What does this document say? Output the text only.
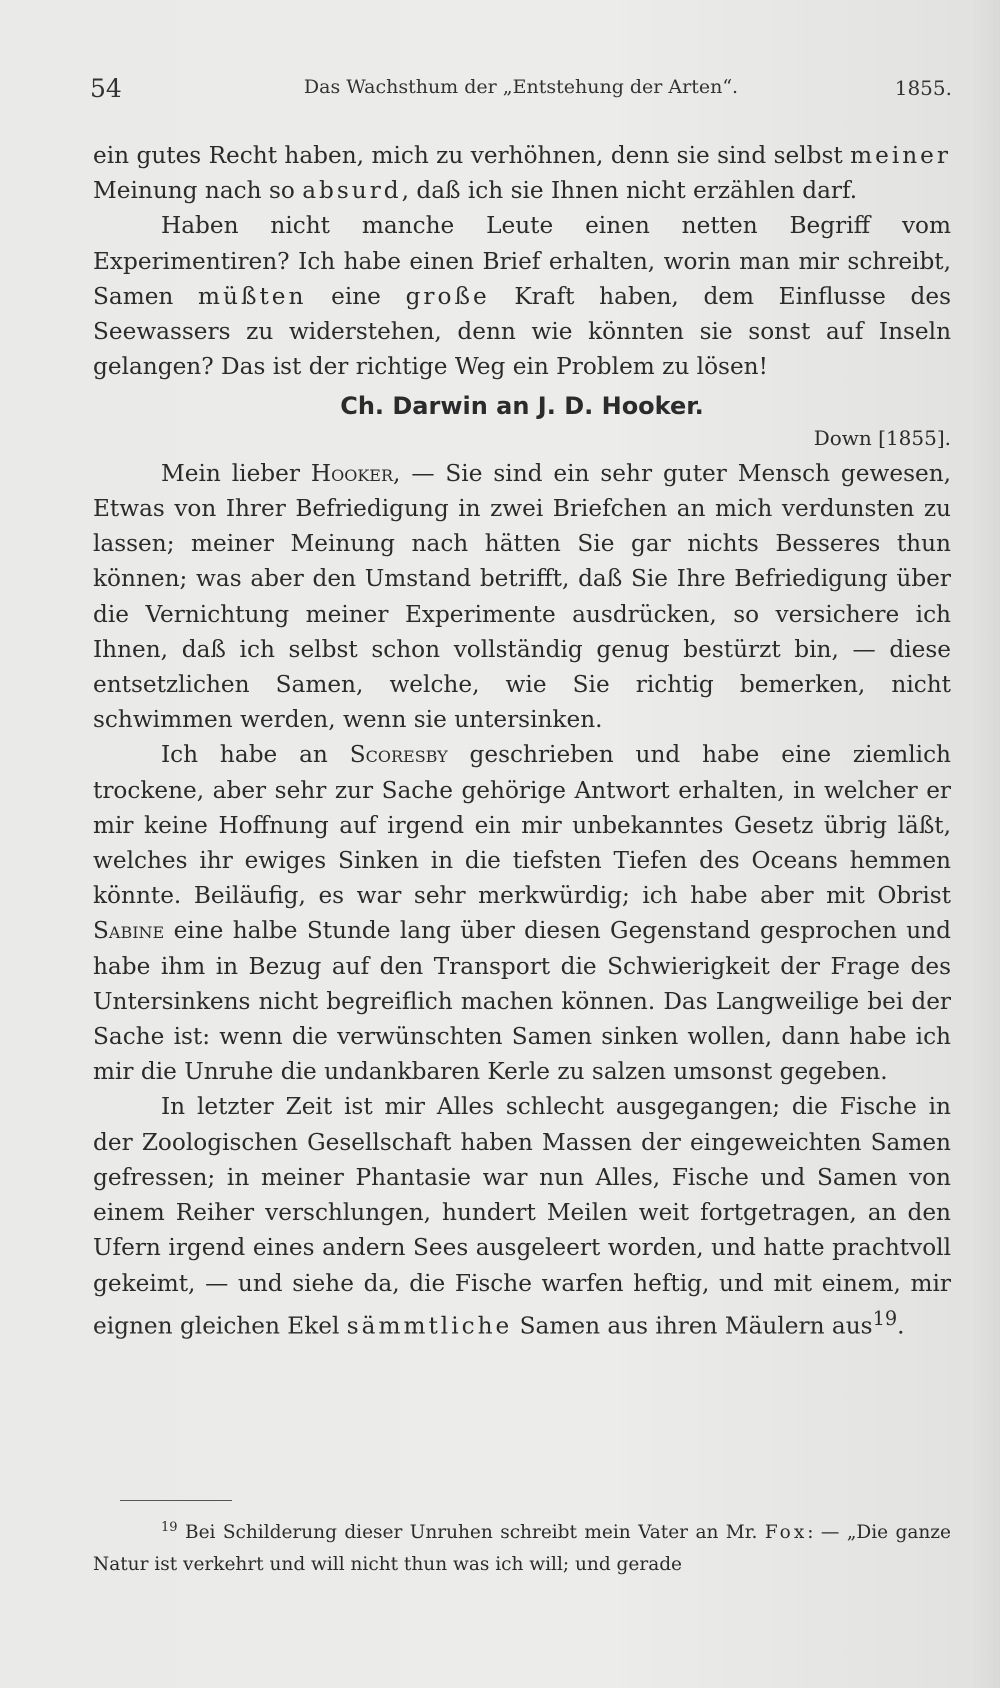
54	Das Wachsthum der „Entstehung der Arten“.	1855.

ein gutes Recht haben, mich zu verhöhnen, denn sie sind selbst meiner Meinung nach so absurd, daß ich sie Ihnen nicht erzählen darf.

Haben nicht manche Leute einen netten Begriff vom Experimentiren? Ich habe einen Brief erhalten, worin man mir schreibt, Samen müßten eine große Kraft haben, dem Einflusse des Seewassers zu widerstehen, denn wie könnten sie sonst auf Inseln gelangen? Das ist der richtige Weg ein Problem zu lösen!

Ch. Darwin an J. D. Hooker.

Down [1855].

Mein lieber Hooker, — Sie sind ein sehr guter Mensch gewesen, Etwas von Ihrer Befriedigung in zwei Briefchen an mich verdunsten zu lassen; meiner Meinung nach hätten Sie gar nichts Besseres thun können; was aber den Umstand betrifft, daß Sie Ihre Befriedigung über die Vernichtung meiner Experimente ausdrücken, so versichere ich Ihnen, daß ich selbst schon vollständig genug bestürzt bin, — diese entsetzlichen Samen, welche, wie Sie richtig bemerken, nicht schwimmen werden, wenn sie untersinken.

Ich habe an Scoresby geschrieben und habe eine ziemlich trockene, aber sehr zur Sache gehörige Antwort erhalten, in welcher er mir keine Hoffnung auf irgend ein mir unbekanntes Gesetz übrig läßt, welches ihr ewiges Sinken in die tiefsten Tiefen des Oceans hemmen könnte. Beiläufig, es war sehr merkwürdig; ich habe aber mit Obrist Sabine eine halbe Stunde lang über diesen Gegenstand gesprochen und habe ihm in Bezug auf den Transport die Schwierigkeit der Frage des Untersinkens nicht begreiflich machen können. Das Langweilige bei der Sache ist: wenn die verwünschten Samen sinken wollen, dann habe ich mir die Unruhe die undankbaren Kerle zu salzen umsonst gegeben.

In letzter Zeit ist mir Alles schlecht ausgegangen; die Fische in der Zoologischen Gesellschaft haben Massen der eingeweichten Samen gefressen; in meiner Phantasie war nun Alles, Fische und Samen von einem Reiher verschlungen, hundert Meilen weit fortgetragen, an den Ufern irgend eines andern Sees ausgeleert worden, und hatte prachtvoll gekeimt, — und siehe da, die Fische warfen heftig, und mit einem, mir eignen gleichen Ekel sämmtliche Samen aus ihren Mäulern aus$^{19}$.

$^{19}$ Bei Schilderung dieser Unruhen schreibt mein Vater an Mr. Fox: — „Die ganze Natur ist verkehrt und will nicht thun was ich will; und gerade
